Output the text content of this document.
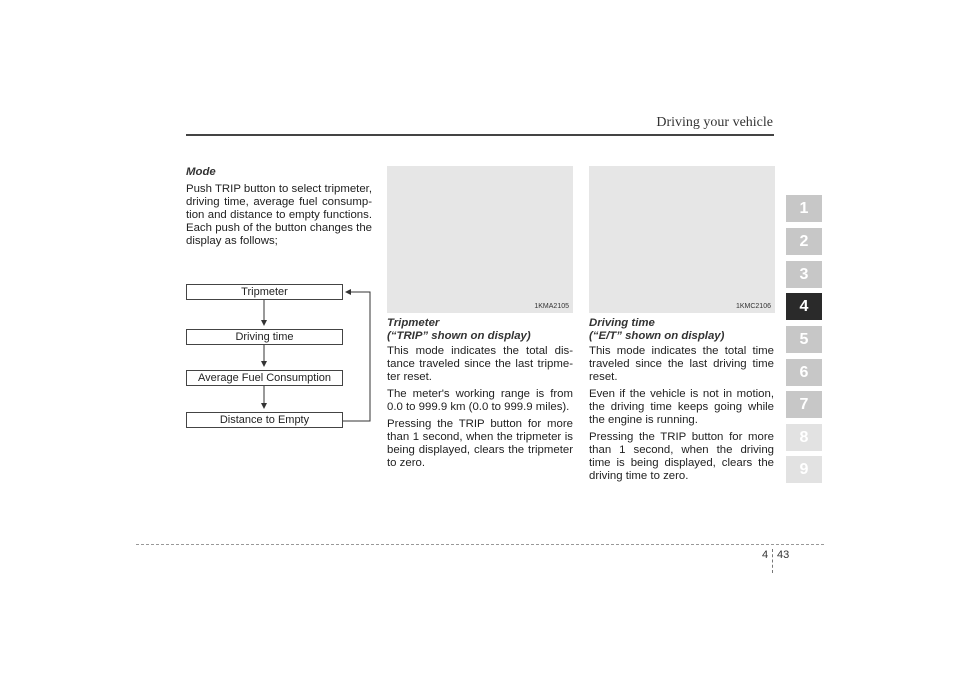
Driving your vehicle

Mode

Push TRIP button to select tripmeter, driving time, average fuel consump-tion and distance to empty functions. Each push of the button changes the display as follows;

Tripmeter
Driving time
Average Fuel Consumption
Distance to Empty
1KMA2105
Tripmeter
(“TRIP” shown on display)

This mode indicates the total dis-tance traveled since the last tripme-ter reset.

The meter's working range is from 0.0 to 999.9 km (0.0 to 999.9 miles).

Pressing the TRIP button for more than 1 second, when the tripmeter is being displayed, clears the tripmeter to zero.

1KMC2106
Driving time
(“E/T” shown on display)

This mode indicates the total time traveled since the last driving time reset.

Even if the vehicle is not in motion, the driving time keeps going while the engine is running.

Pressing the TRIP button for more than 1 second, when the driving time is being displayed, clears the driving time to zero.

1
2
3
4
5
6
7
8
9
4 43
